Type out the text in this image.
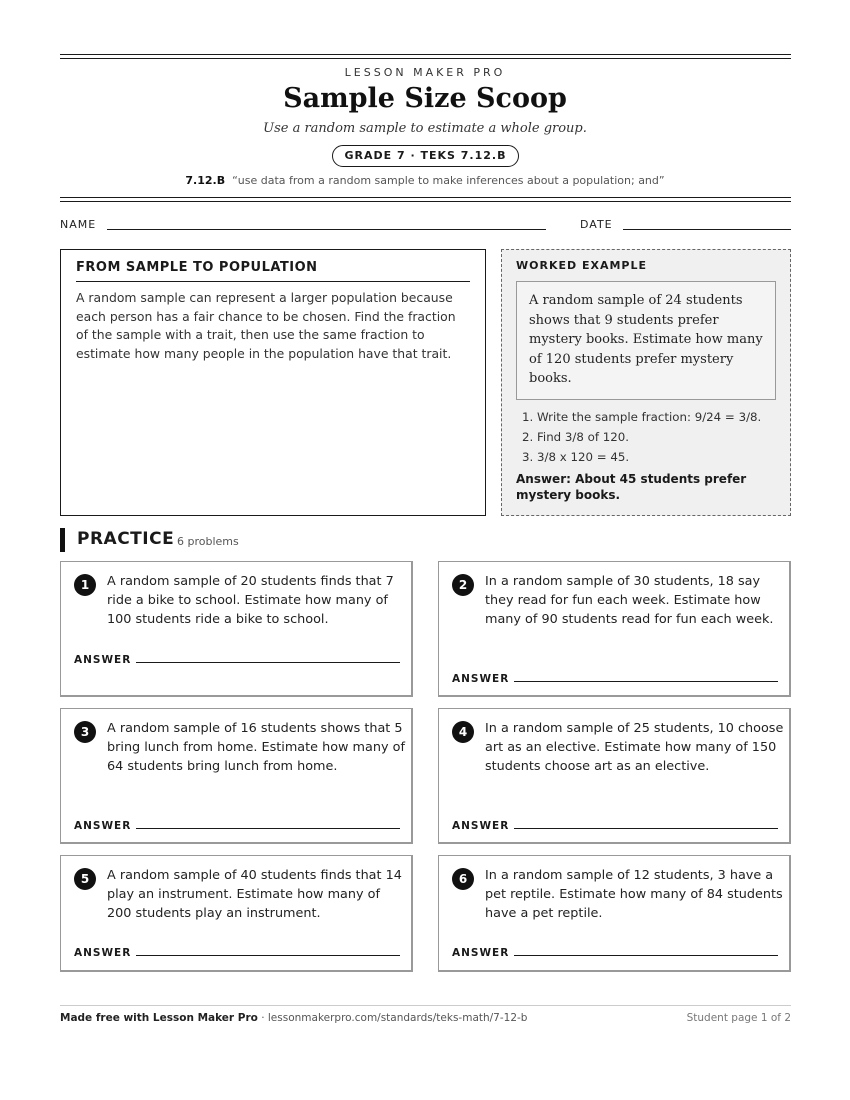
LESSON MAKER PRO
Sample Size Scoop
Use a random sample to estimate a whole group.
GRADE 7 · TEKS 7.12.B
7.12.B “use data from a random sample to make inferences about a population; and”
NAME	DATE
FROM SAMPLE TO POPULATION
A random sample can represent a larger population because each person has a fair chance to be chosen. Find the fraction of the sample with a trait, then use the same fraction to estimate how many people in the population have that trait.
WORKED EXAMPLE
A random sample of 24 students shows that 9 students prefer mystery books. Estimate how many of 120 students prefer mystery books.
1. Write the sample fraction: 9/24 = 3/8.
2. Find 3/8 of 120.
3. 3/8 x 120 = 45.
Answer: About 45 students prefer mystery books.
PRACTICE 6 problems
1	A random sample of 20 students finds that 7 ride a bike to school. Estimate how many of 100 students ride a bike to school.
ANSWER
2	In a random sample of 30 students, 18 say they read for fun each week. Estimate how many of 90 students read for fun each week.
ANSWER
3	A random sample of 16 students shows that 5 bring lunch from home. Estimate how many of 64 students bring lunch from home.
ANSWER
4	In a random sample of 25 students, 10 choose art as an elective. Estimate how many of 150 students choose art as an elective.
ANSWER
5	A random sample of 40 students finds that 14 play an instrument. Estimate how many of 200 students play an instrument.
ANSWER
6	In a random sample of 12 students, 3 have a pet reptile. Estimate how many of 84 students have a pet reptile.
ANSWER
Made free with Lesson Maker Pro · lessonmakerpro.com/standards/teks-math/7-12-b	Student page 1 of 2
